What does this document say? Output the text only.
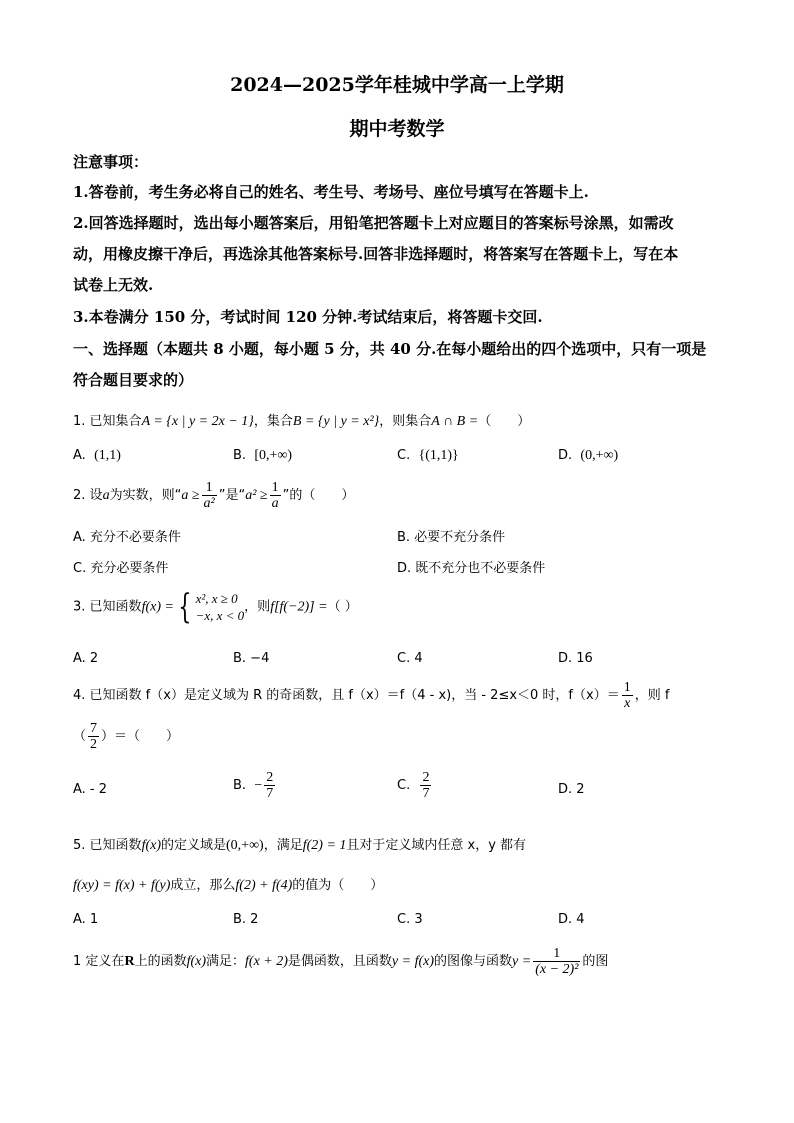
2024—2025学年桂城中学高一上学期
期中考数学
注意事项：
1.答卷前，考生务必将自己的姓名、考生号、考场号、座位号填写在答题卡上.
2.回答选择题时，选出每小题答案后，用铅笔把答题卡上对应题目的答案标号涂黑，如需改
动，用橡皮擦干净后，再选涂其他答案标号.回答非选择题时，将答案写在答题卡上，写在本
试卷上无效.
3.本卷满分 150 分，考试时间 120 分钟.考试结束后，将答题卡交回.
一、选择题（本题共 8 小题，每小题 5 分，共 40 分.在每小题给出的四个选项中，只有一项是
符合题目要求的）
1. 已知集合A = {x | y = 2x − 1}，集合B = {y | y = x²}，则集合A ∩ B =（　　）
A. (1,1)	B. [0,+∞)	C. {(1,1)}	D. (0,+∞)
2. 设a为实数，则“$a \ge \frac{1}{\text{a²}}$ ”是“$a^2 \ge \frac{1}{a}$ ”的（　　）
A. 充分不必要条件	B. 必要不充分条件
C. 充分必要条件	D. 既不充分也不必要条件
3. 已知函数f(x) = { x², x ≥ 0
−x, x < 0
，则f[f(−2)] =（ ）
A. 2	B. −4	C. 4	D. 16
4. 已知函数 f（x）是定义域为 R 的奇函数，且 f（x）＝f（4 - x)，当 - 2≤x＜0 时，$f(x)= \frac{1}{x}$ ，则 f
（ $\frac{7}{2}$ ）＝（　　）
A. - 2	B. − $\frac{2}{7}$	C. $\frac{2}{7}$	D. 2
5. 已知函数f(x)的定义域是(0,+∞)，满足f(2) = 1且对于定义域内任意 x，y 都有
f(xy) = f(x) + f(y)成立，那么f(2) + f(4)的值为（　　）
A. 1	B. 2	C. 3	D. 4
1 定义在R上的函数f(x)满足：f(x + 2)是偶函数，且函数y = f(x)的图像与函数$y = \frac{1}{\text{(x − 2)²}}$ 的图
